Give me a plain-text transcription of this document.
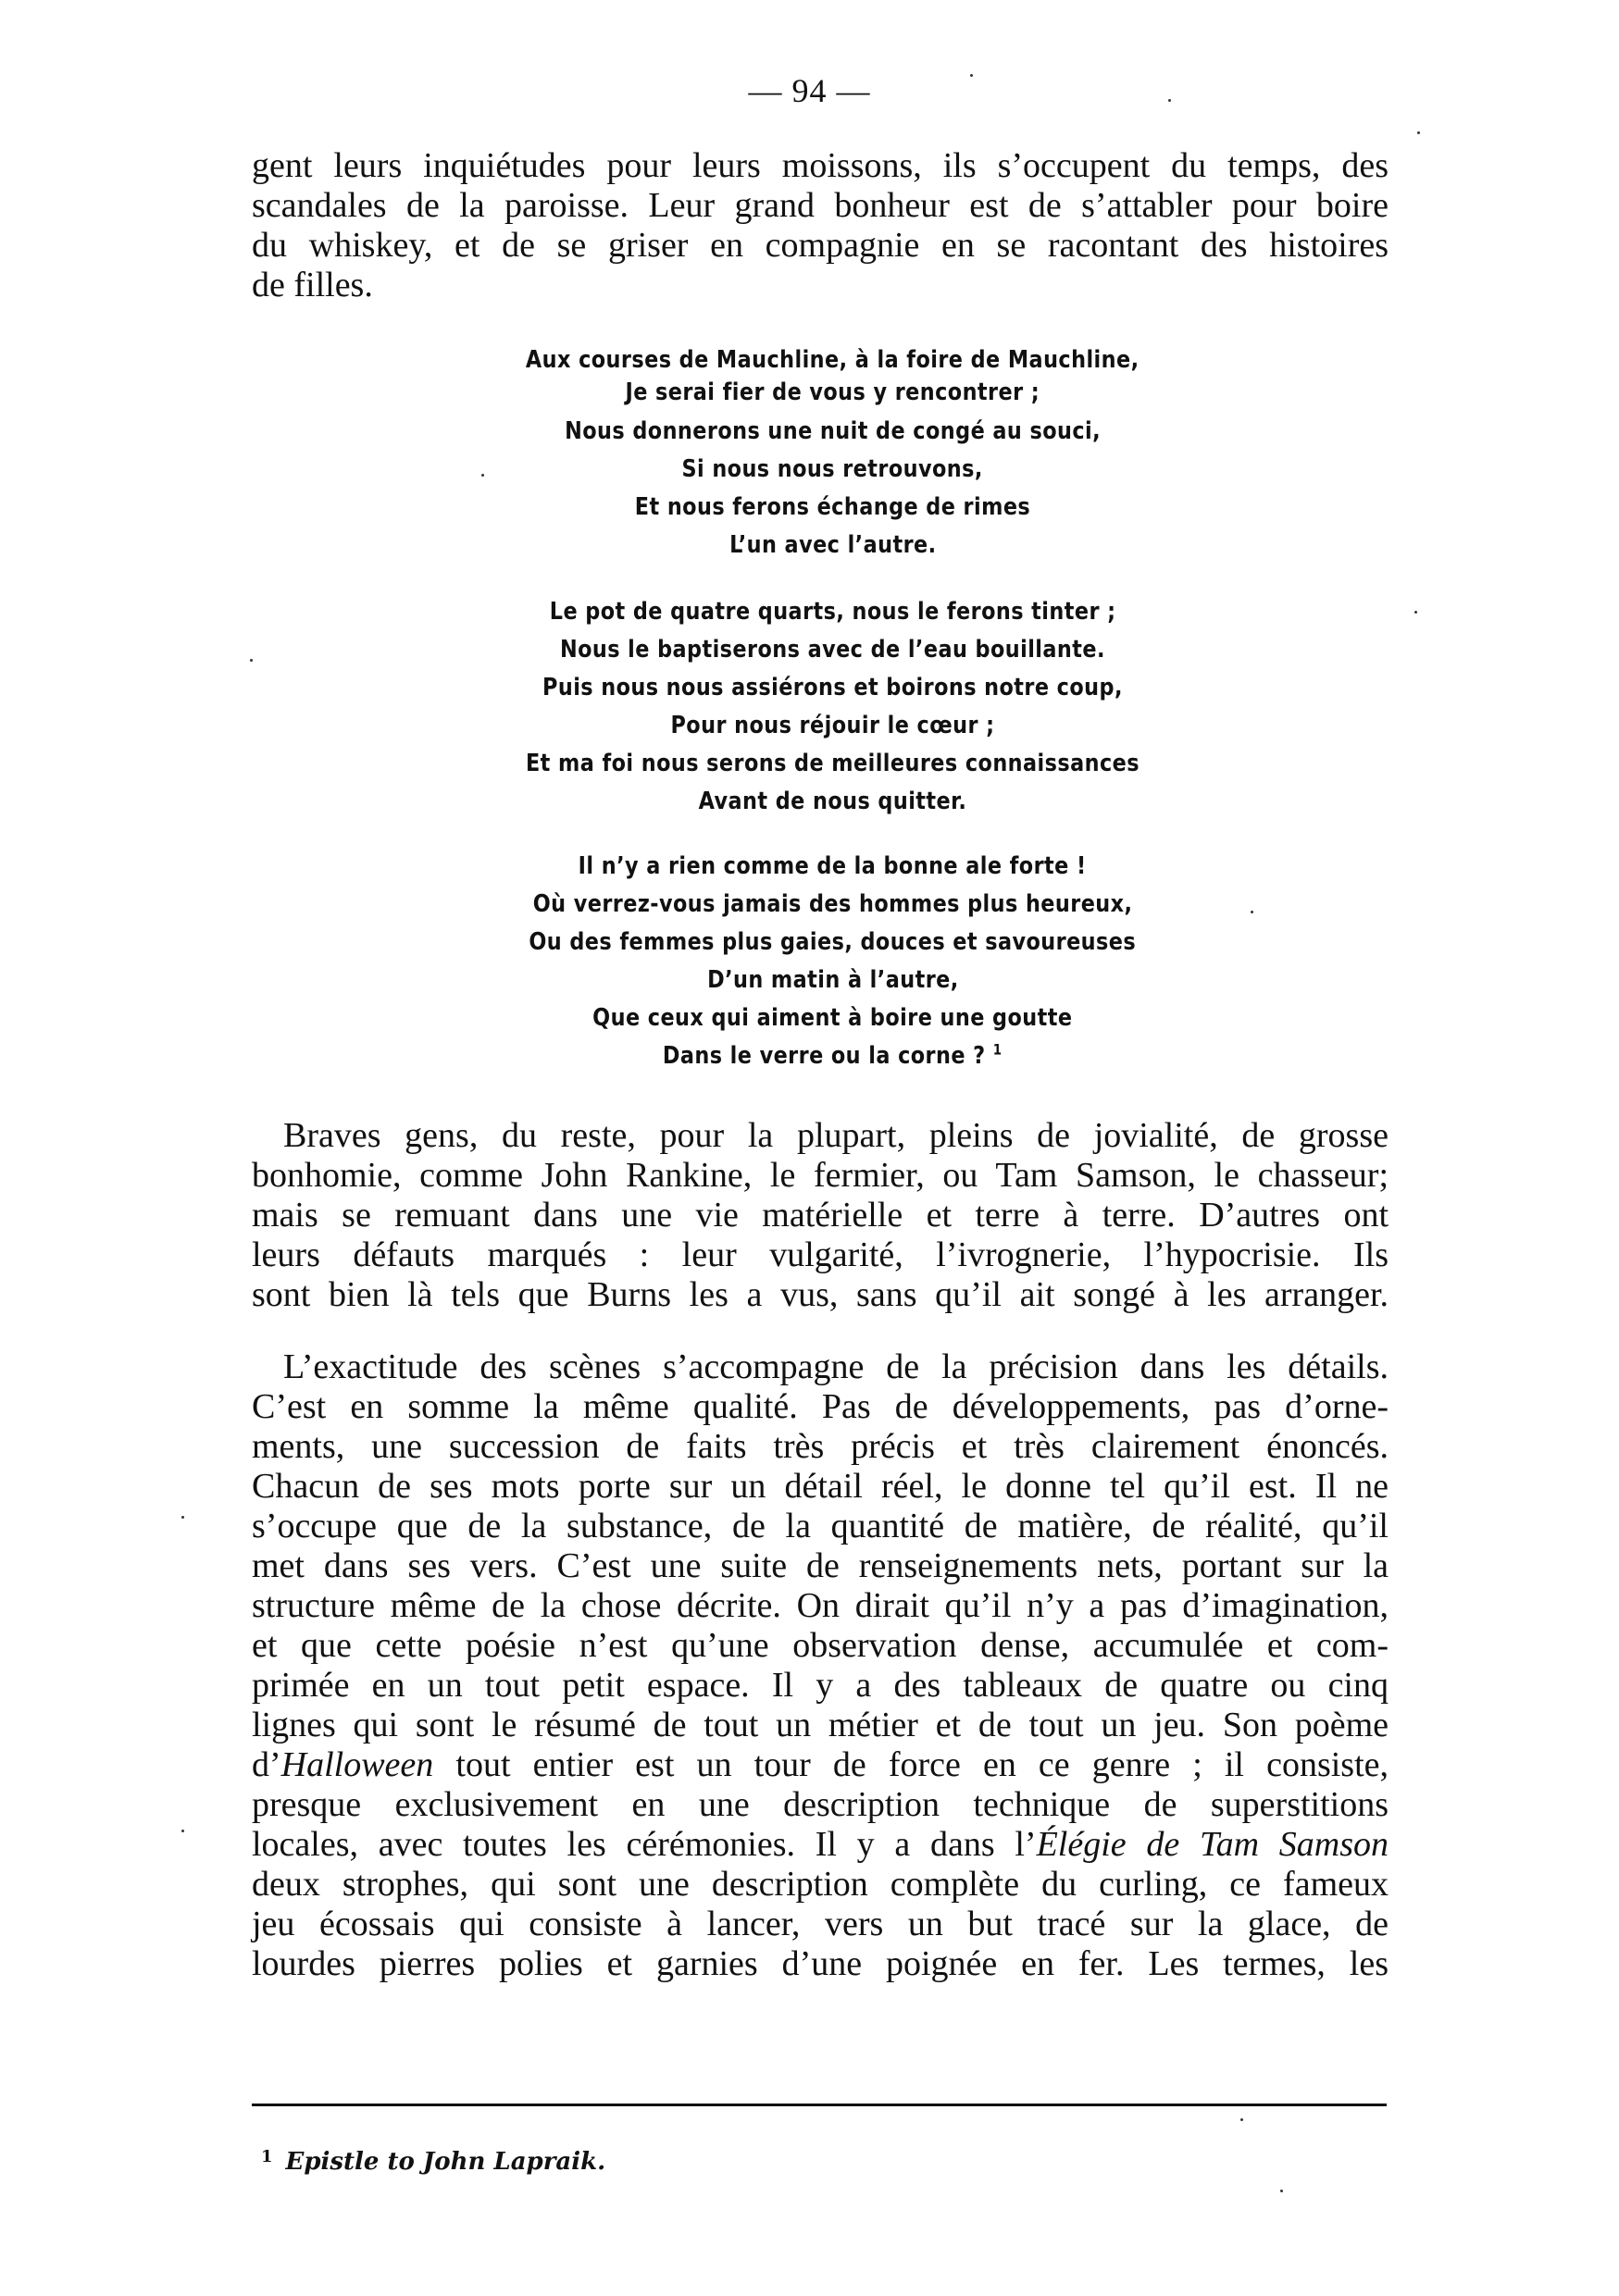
— 94 —
gent leurs inquiétudes pour leurs moissons, ils s’occupent du temps, des
scandales de la paroisse. Leur grand bonheur est de s’attabler pour boire
du whiskey, et de se griser en compagnie en se racontant des histoires
de filles.
Aux courses de Mauchline, à la foire de Mauchline,
Je serai fier de vous y rencontrer ;
Nous donnerons une nuit de congé au souci,
Si nous nous retrouvons,
Et nous ferons échange de rimes
L’un avec l’autre.
Le pot de quatre quarts, nous le ferons tinter ;
Nous le baptiserons avec de l’eau bouillante.
Puis nous nous assiérons et boirons notre coup,
Pour nous réjouir le cœur ;
Et ma foi nous serons de meilleures connaissances
Avant de nous quitter.
Il n’y a rien comme de la bonne ale forte !
Où verrez-vous jamais des hommes plus heureux,
Ou des femmes plus gaies, douces et savoureuses
D’un matin à l’autre,
Que ceux qui aiment à boire une goutte
Dans le verre ou la corne ? $^1$
Braves gens, du reste, pour la plupart, pleins de jovialité, de grosse
bonhomie, comme John Rankine, le fermier, ou Tam Samson, le chasseur;
mais se remuant dans une vie matérielle et terre à terre. D’autres ont
leurs défauts marqués : leur vulgarité, l’ivrognerie, l’hypocrisie. Ils
sont bien là tels que Burns les a vus, sans qu’il ait songé à les arranger.
L’exactitude des scènes s’accompagne de la précision dans les détails.
C’est en somme la même qualité. Pas de développements, pas d’orne-
ments, une succession de faits très précis et très clairement énoncés.
Chacun de ses mots porte sur un détail réel, le donne tel qu’il est. Il ne
s’occupe que de la substance, de la quantité de matière, de réalité, qu’il
met dans ses vers. C’est une suite de renseignements nets, portant sur la
structure même de la chose décrite. On dirait qu’il n’y a pas d’imagination,
et que cette poésie n’est qu’une observation dense, accumulée et com-
primée en un tout petit espace. Il y a des tableaux de quatre ou cinq
lignes qui sont le résumé de tout un métier et de tout un jeu. Son poème
d’Halloween tout entier est un tour de force en ce genre ; il consiste,
presque exclusivement en une description technique de superstitions
locales, avec toutes les cérémonies. Il y a dans l’Élégie de Tam Samson
deux strophes, qui sont une description complète du curling, ce fameux
jeu écossais qui consiste à lancer, vers un but tracé sur la glace, de
lourdes pierres polies et garnies d’une poignée en fer. Les termes, les
$^1$ Epistle to John Lapraik.
